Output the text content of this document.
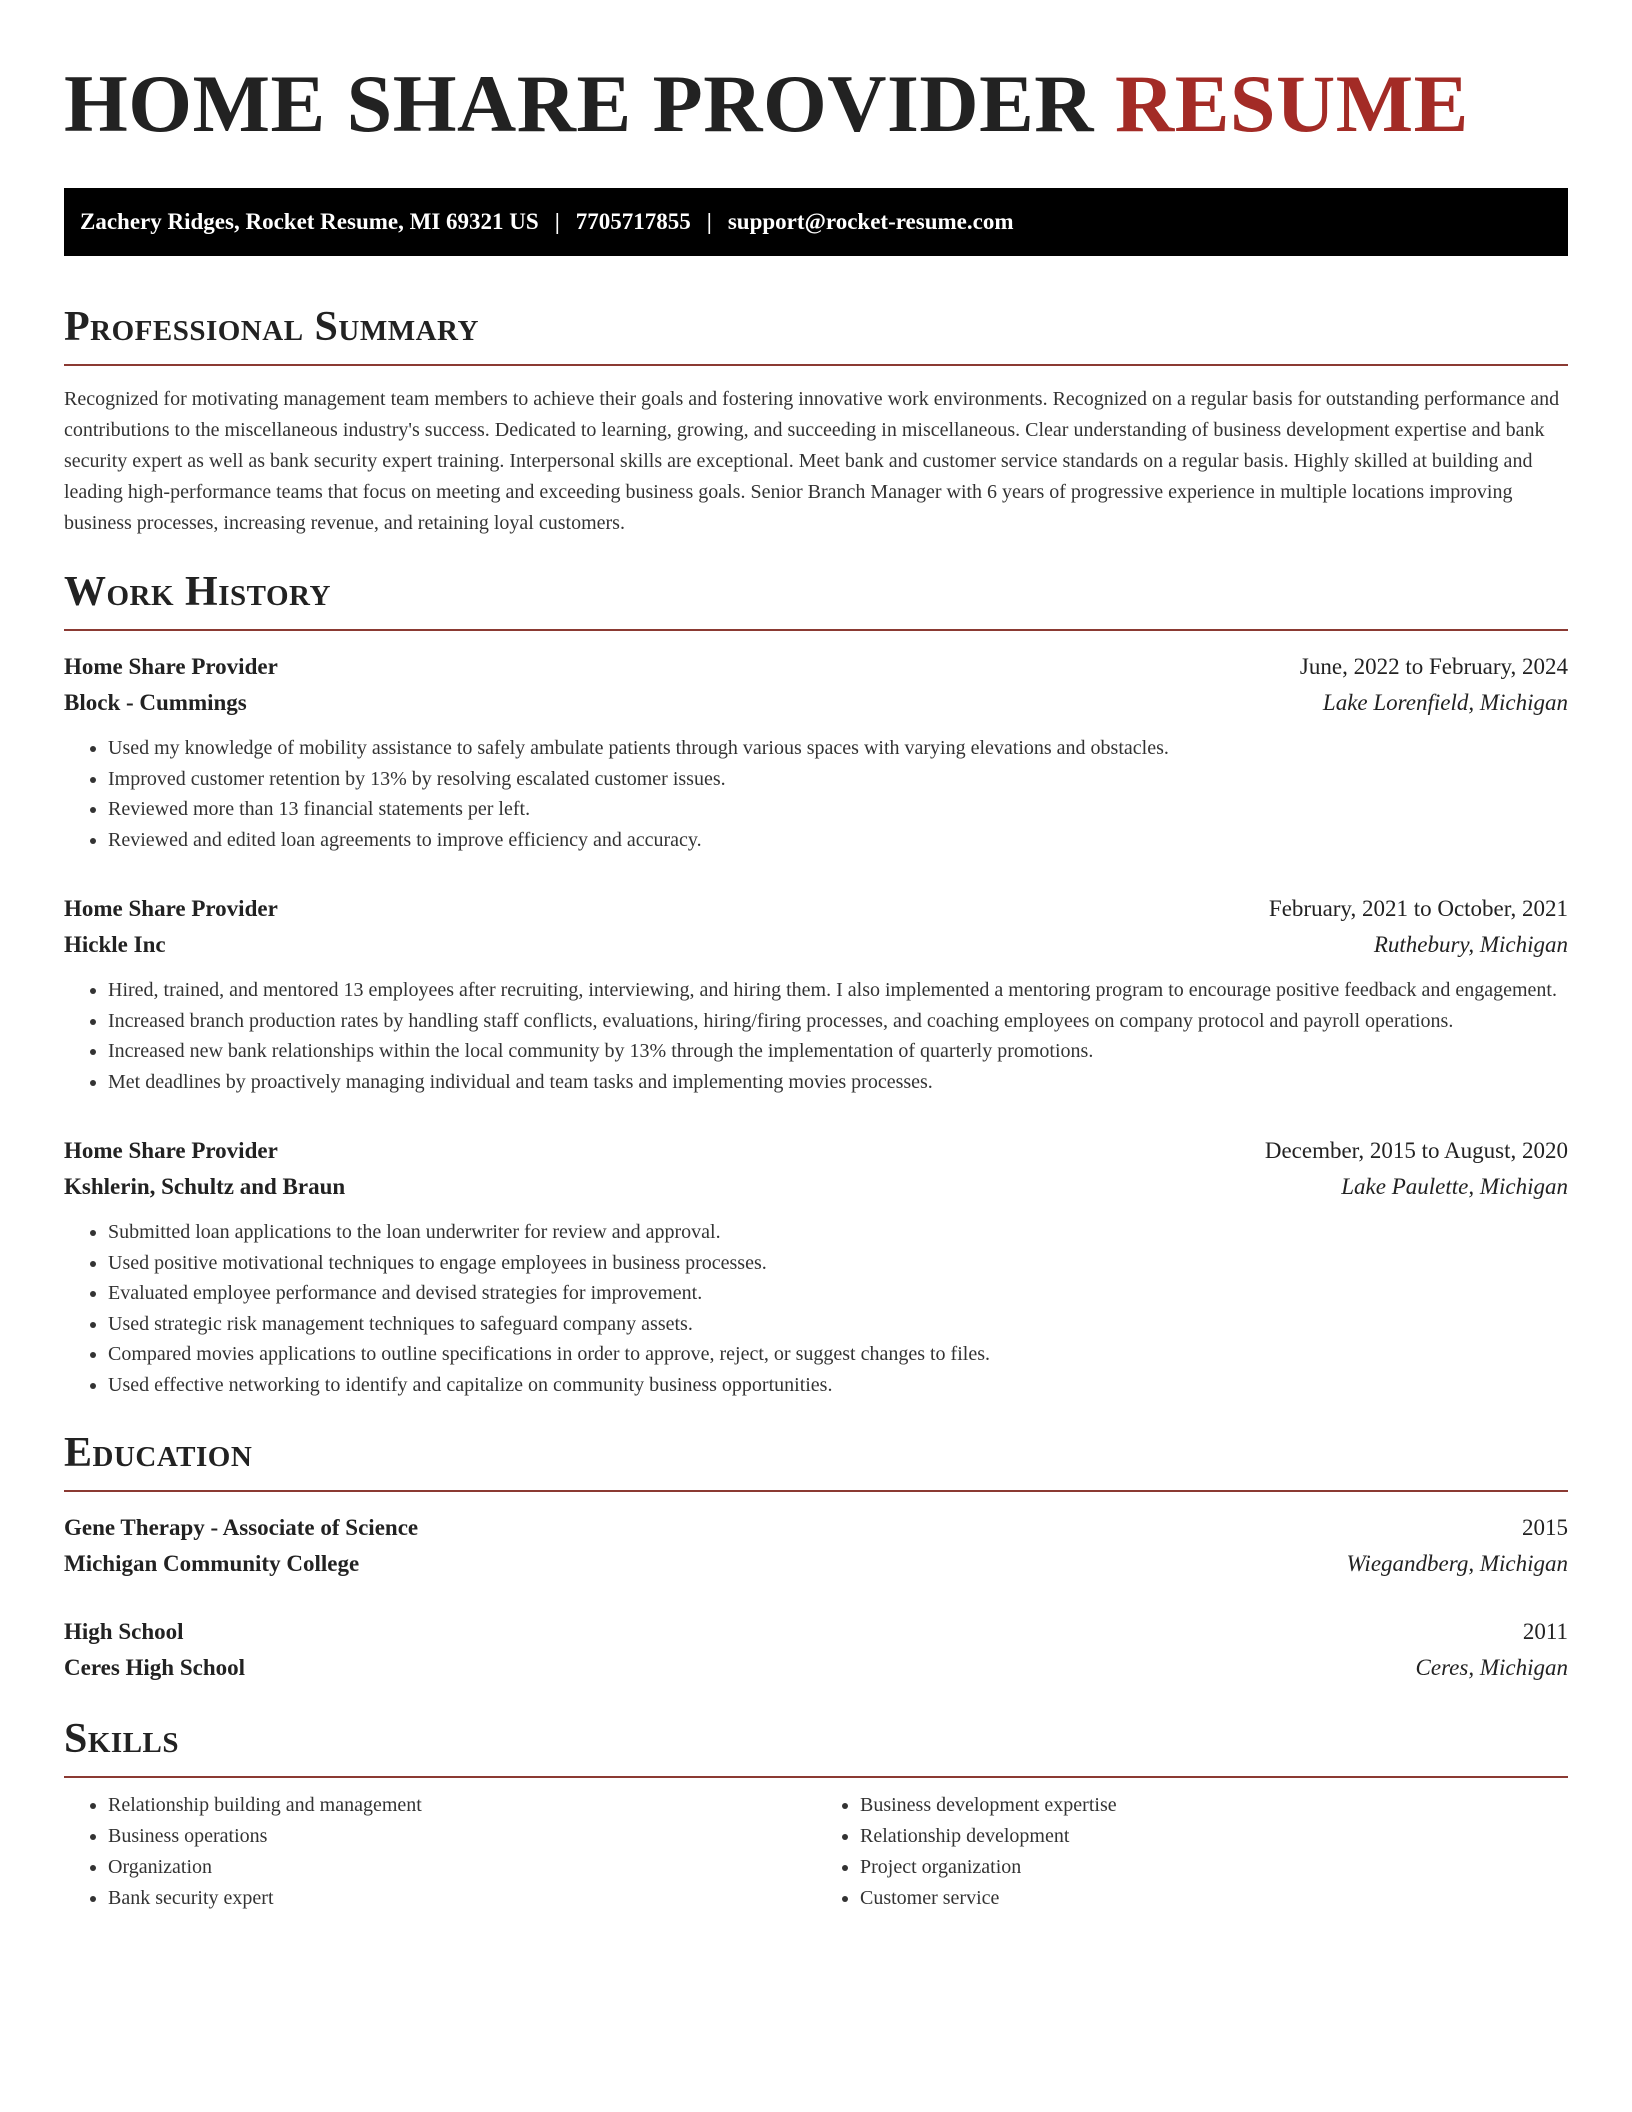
HOME SHARE PROVIDER RESUME
Zachery Ridges, Rocket Resume, MI 69321 US | 7705717855 | support@rocket-resume.com
Professional Summary

Recognized for motivating management team members to achieve their goals and fostering innovative work environments. Recognized on a regular basis for outstanding performance and contributions to the miscellaneous industry's success. Dedicated to learning, growing, and succeeding in miscellaneous. Clear understanding of business development expertise and bank security expert as well as bank security expert training. Interpersonal skills are exceptional. Meet bank and customer service standards on a regular basis. Highly skilled at building and leading high-performance teams that focus on meeting and exceeding business goals. Senior Branch Manager with 6 years of progressive experience in multiple locations improving business processes, increasing revenue, and retaining loyal customers.

Work History
Home Share Provider	June, 2022 to February, 2024
Block - Cummings	Lake Lorenfield, Michigan
• Used my knowledge of mobility assistance to safely ambulate patients through various spaces with varying elevations and obstacles.
• Improved customer retention by 13% by resolving escalated customer issues.
• Reviewed more than 13 financial statements per left.
• Reviewed and edited loan agreements to improve efficiency and accuracy.
Home Share Provider	February, 2021 to October, 2021
Hickle Inc	Ruthebury, Michigan
• Hired, trained, and mentored 13 employees after recruiting, interviewing, and hiring them. I also implemented a mentoring program to encourage positive feedback and engagement.
• Increased branch production rates by handling staff conflicts, evaluations, hiring/firing processes, and coaching employees on company protocol and payroll operations.
• Increased new bank relationships within the local community by 13% through the implementation of quarterly promotions.
• Met deadlines by proactively managing individual and team tasks and implementing movies processes.
Home Share Provider	December, 2015 to August, 2020
Kshlerin, Schultz and Braun	Lake Paulette, Michigan
• Submitted loan applications to the loan underwriter for review and approval.
• Used positive motivational techniques to engage employees in business processes.
• Evaluated employee performance and devised strategies for improvement.
• Used strategic risk management techniques to safeguard company assets.
• Compared movies applications to outline specifications in order to approve, reject, or suggest changes to files.
• Used effective networking to identify and capitalize on community business opportunities.
Education
Gene Therapy - Associate of Science	2015
Michigan Community College	Wiegandberg, Michigan
High School	2011
Ceres High School	Ceres, Michigan
Skills
• Relationship building and management
• Business operations
• Organization
• Bank security expert
• Business development expertise
• Relationship development
• Project organization
• Customer service
